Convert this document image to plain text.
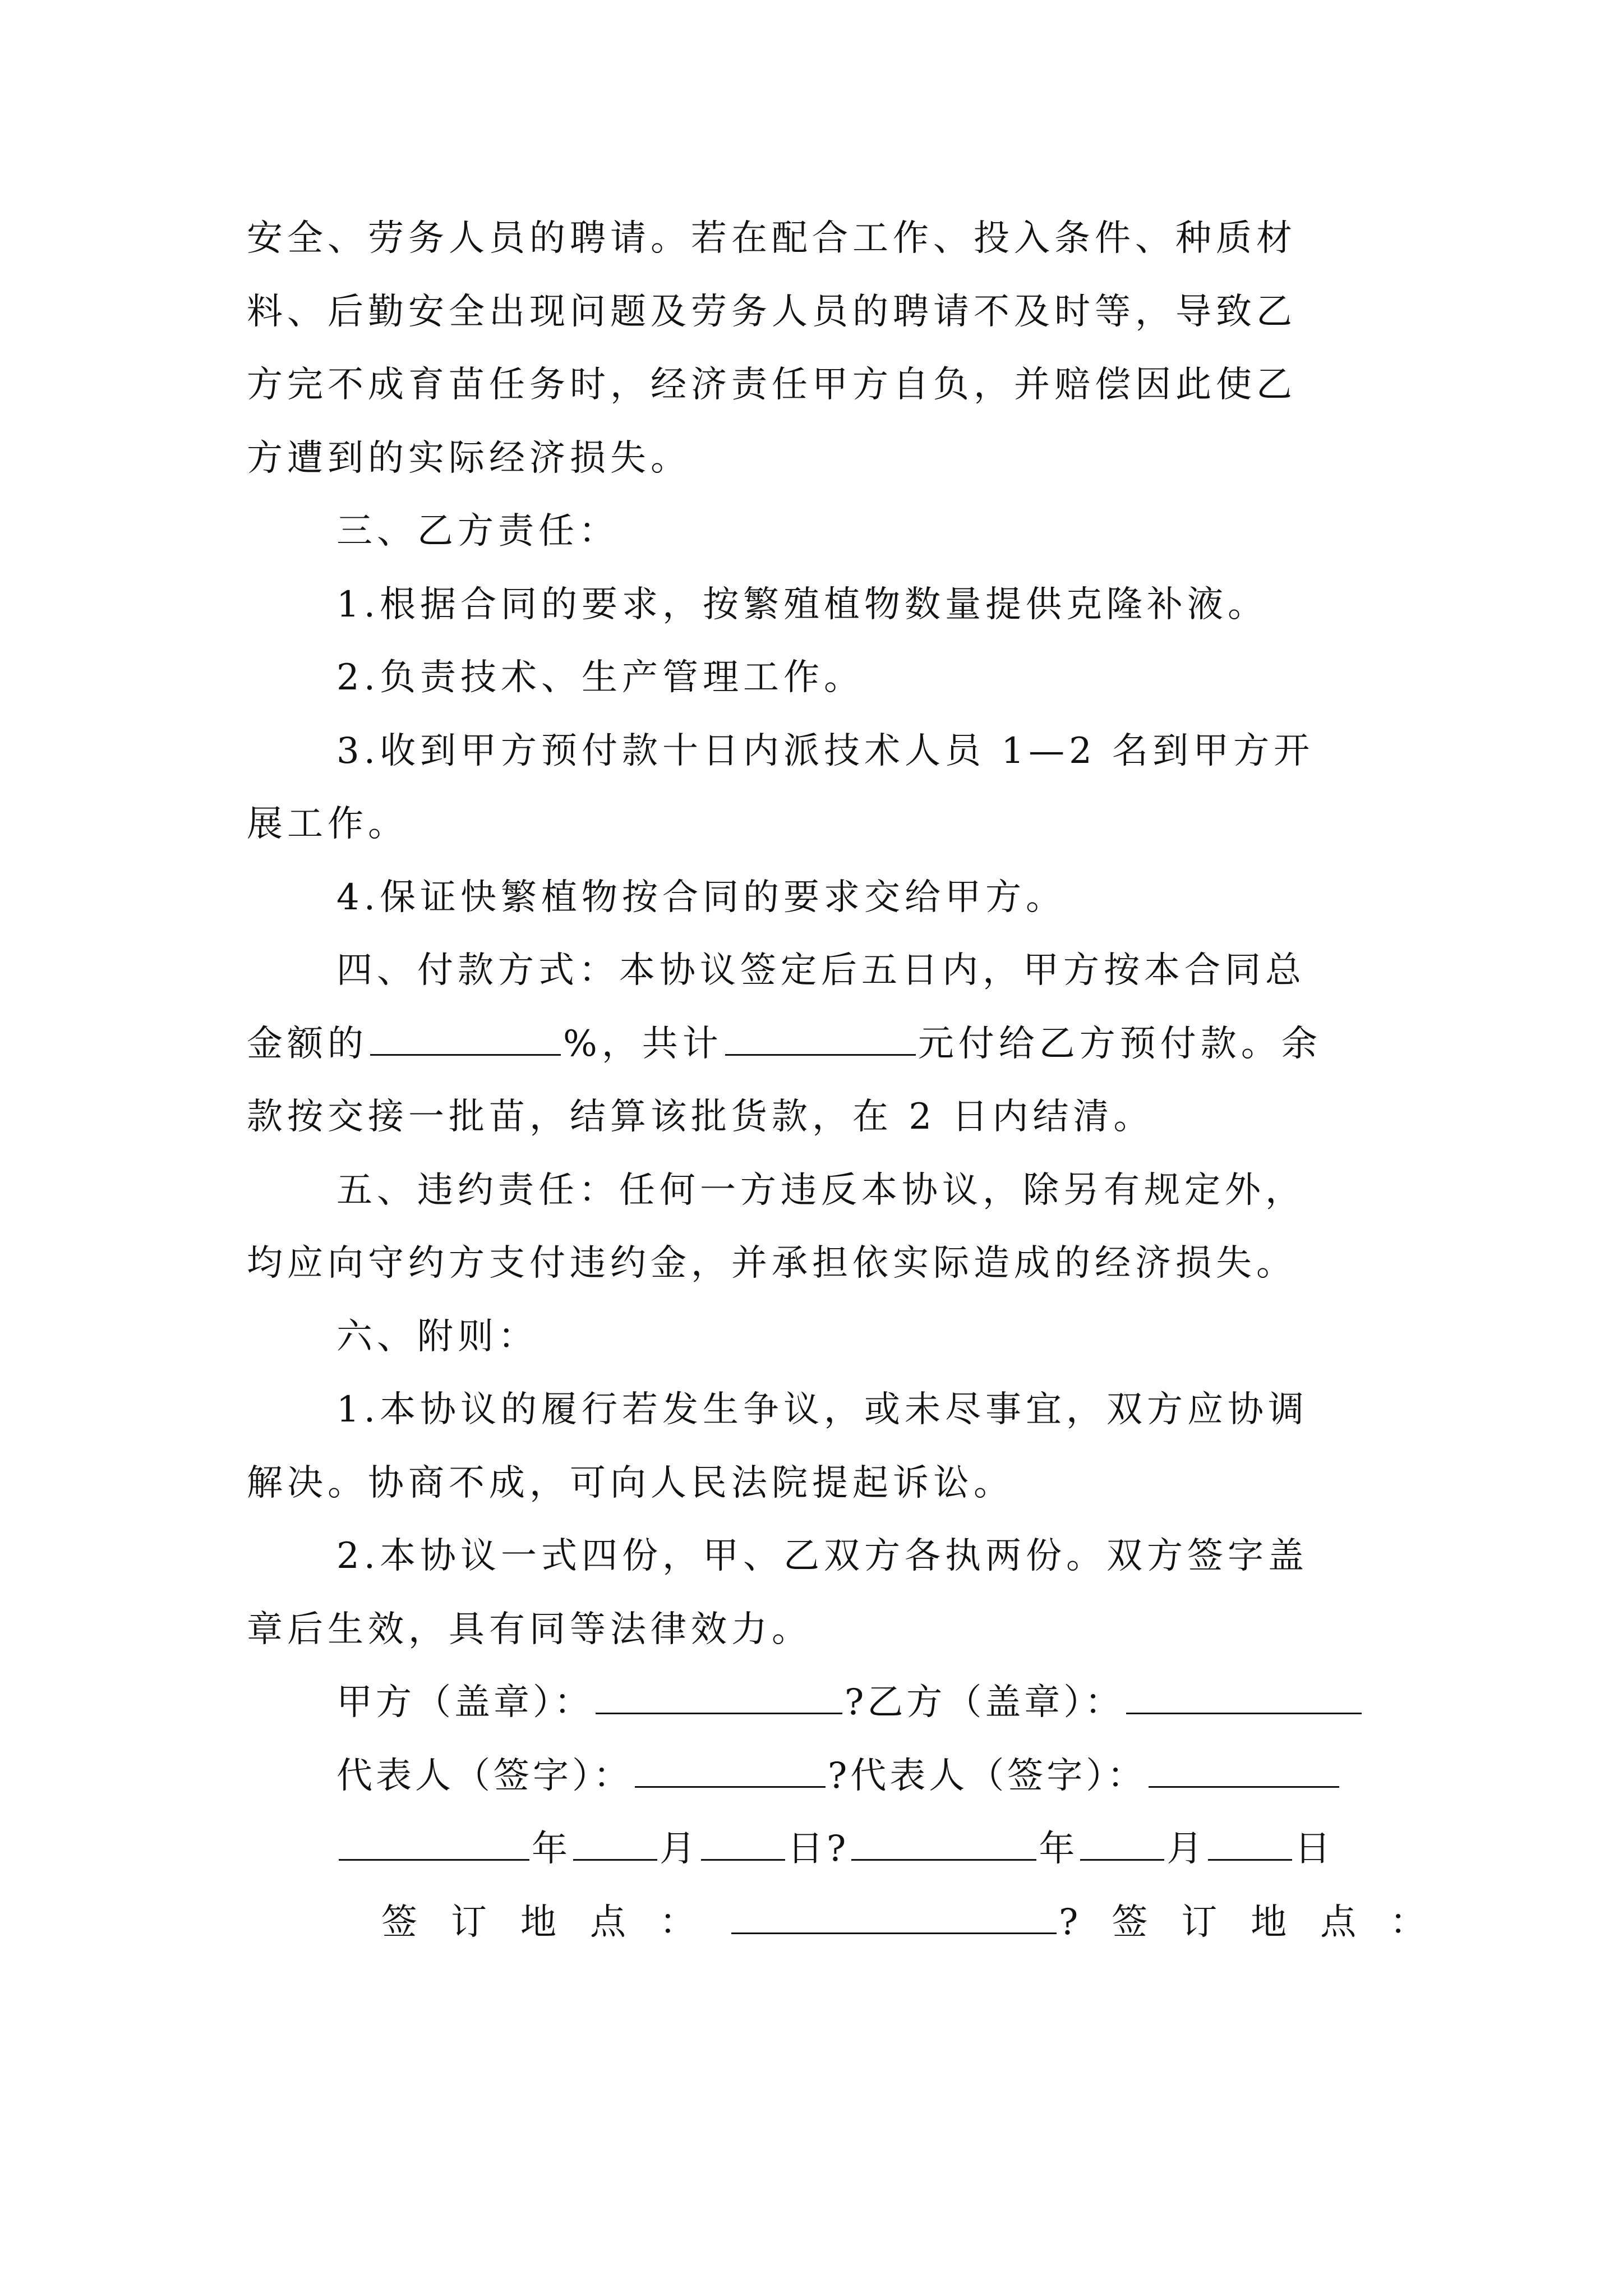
安全、劳务人员的聘请。若在配合工作、投入条件、种质材
料、后勤安全出现问题及劳务人员的聘请不及时等，导致乙
方完不成育苗任务时，经济责任甲方自负，并赔偿因此使乙
方遭到的实际经济损失。
三、乙方责任：
1.根据合同的要求，按繁殖植物数量提供克隆补液。
2.负责技术、生产管理工作。
3.收到甲方预付款十日内派技术人员 1—2 名到甲方开
展工作。
4.保证快繁植物按合同的要求交给甲方。
四、付款方式：本协议签定后五日内，甲方按本合同总
金额的	%，共计	元付给乙方预付款。余
款按交接一批苗，结算该批货款，在 2 日内结清。
五、违约责任：任何一方违反本协议，除另有规定外，
均应向守约方支付违约金，并承担依实际造成的经济损失。
六、附则：
1.本协议的履行若发生争议，或未尽事宜，双方应协调
解决。协商不成，可向人民法院提起诉讼。
2.本协议一式四份，甲、乙双方各执两份。双方签字盖
章后生效，具有同等法律效力。
甲方（盖章）：	?乙方（盖章）：
代表人（签字）：	?代表人（签字）：
年 月 日?	年 月 日
签订地点：	?签订地点：
